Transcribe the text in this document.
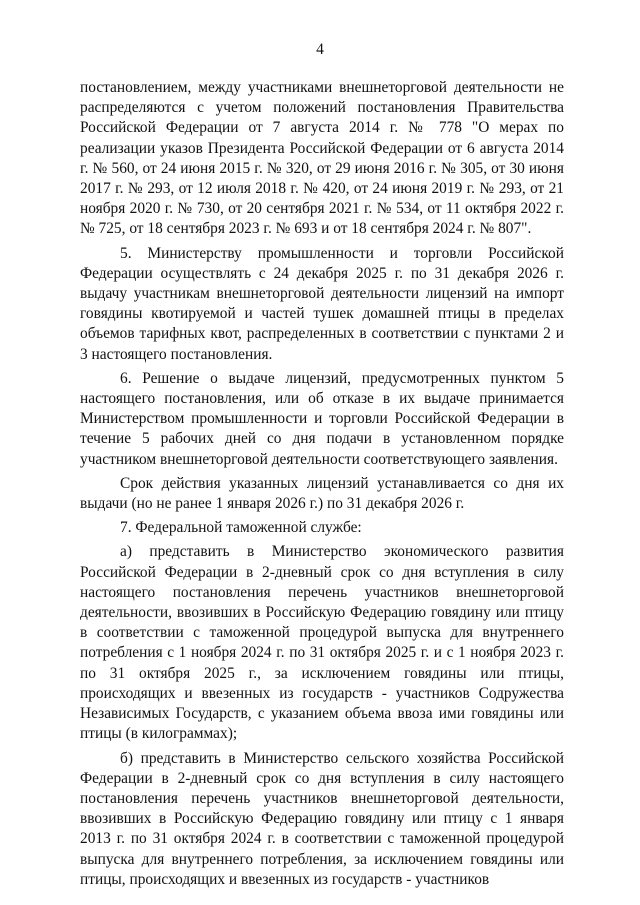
4

постановлением, между участниками внешнеторговой деятельности не распределяются с учетом положений постановления Правительства Российской Федерации от 7 августа 2014 г. № 778 "О мерах по реализации указов Президента Российской Федерации от 6 августа 2014 г. № 560, от 24 июня 2015 г. № 320, от 29 июня 2016 г. № 305, от 30 июня 2017 г. № 293, от 12 июля 2018 г. № 420, от 24 июня 2019 г. № 293, от 21 ноября 2020 г. № 730, от 20 сентября 2021 г. № 534, от 11 октября 2022 г. № 725, от 18 сентября 2023 г. № 693 и от 18 сентября 2024 г. № 807".

5. Министерству промышленности и торговли Российской Федерации осуществлять с 24 декабря 2025 г. по 31 декабря 2026 г. выдачу участникам внешнеторговой деятельности лицензий на импорт говядины квотируемой и частей тушек домашней птицы в пределах объемов тарифных квот, распределенных в соответствии с пунктами 2 и 3 настоящего постановления.

6. Решение о выдаче лицензий, предусмотренных пунктом 5 настоящего постановления, или об отказе в их выдаче принимается Министерством промышленности и торговли Российской Федерации в течение 5 рабочих дней со дня подачи в установленном порядке участником внешнеторговой деятельности соответствующего заявления.

Срок действия указанных лицензий устанавливается со дня их выдачи (но не ранее 1 января 2026 г.) по 31 декабря 2026 г.

7. Федеральной таможенной службе:

а) представить в Министерство экономического развития Российской Федерации в 2-дневный срок со дня вступления в силу настоящего постановления перечень участников внешнеторговой деятельности, ввозивших в Российскую Федерацию говядину или птицу в соответствии с таможенной процедурой выпуска для внутреннего потребления с 1 ноября 2024 г. по 31 октября 2025 г. и с 1 ноября 2023 г. по 31 октября 2025 г., за исключением говядины или птицы, происходящих и ввезенных из государств - участников Содружества Независимых Государств, с указанием объема ввоза ими говядины или птицы (в килограммах);

б) представить в Министерство сельского хозяйства Российской Федерации в 2-дневный срок со дня вступления в силу настоящего постановления перечень участников внешнеторговой деятельности, ввозивших в Российскую Федерацию говядину или птицу с 1 января 2013 г. по 31 октября 2024 г. в соответствии с таможенной процедурой выпуска для внутреннего потребления, за исключением говядины или птицы, происходящих и ввезенных из государств - участников
